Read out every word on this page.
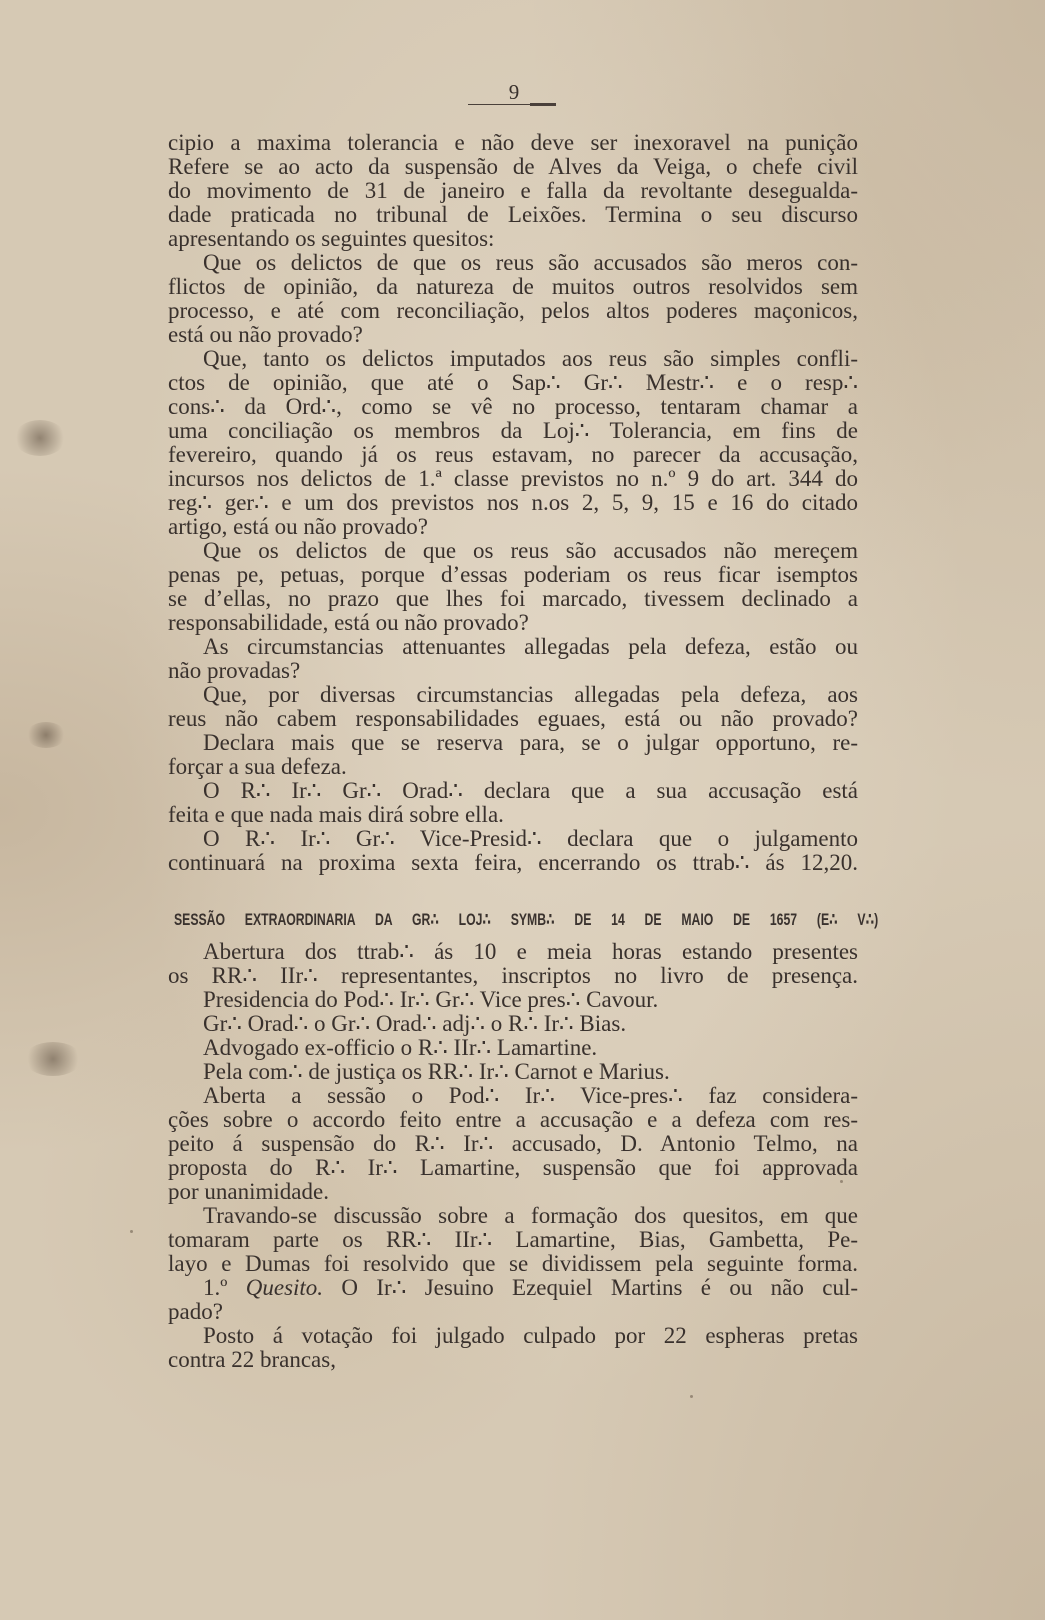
9
cipio a maxima tolerancia e não deve ser inexoravel na punição
Refere se ao acto da suspensão de Alves da Veiga, o chefe civil
do movimento de 31 de janeiro e falla da revoltante desegualda-
dade praticada no tribunal de Leixões. Termina o seu discurso
apresentando os seguintes quesitos:
Que os delictos de que os reus são accusados são meros con-
flictos de opinião, da natureza de muitos outros resolvidos sem
processo, e até com reconciliação, pelos altos poderes maçonicos,
está ou não provado?
Que, tanto os delictos imputados aos reus são simples confli-
ctos de opinião, que até o Sap∴ Gr∴ Mestr∴ e o resp∴
cons∴ da Ord∴, como se vê no processo, tentaram chamar a
uma conciliação os membros da Loj∴ Tolerancia, em fins de
fevereiro, quando já os reus estavam, no parecer da accusação,
incursos nos delictos de 1.ª classe previstos no n.º 9 do art. 344 do
reg∴ ger∴ e um dos previstos nos n.os 2, 5, 9, 15 e 16 do citado
artigo, está ou não provado?
Que os delictos de que os reus são accusados não mereçem
penas pe, petuas, porque d’essas poderiam os reus ficar isemptos
se d’ellas, no prazo que lhes foi marcado, tivessem declinado a
responsabilidade, está ou não provado?
As circumstancias attenuantes allegadas pela defeza, estão ou
não provadas?
Que, por diversas circumstancias allegadas pela defeza, aos
reus não cabem responsabilidades eguaes, está ou não provado?
Declara mais que se reserva para, se o julgar opportuno, re-
forçar a sua defeza.
O R∴ Ir∴ Gr∴ Orad∴ declara que a sua accusação está
feita e que nada mais dirá sobre ella.
O R∴ Ir∴ Gr∴ Vice-Presid∴ declara que o julgamento
continuará na proxima sexta feira, encerrando os ttrab∴ ás 12,20.
SESSÃO EXTRAORDINARIA DA GR∴ LOJ∴ SYMB∴ DE 14 DE MAIO DE 1657 (E∴ V∴)
Abertura dos ttrab∴ ás 10 e meia horas estando presentes
os RR∴ IIr∴ representantes, inscriptos no livro de presença.
Presidencia do Pod∴ Ir∴ Gr∴ Vice pres∴ Cavour.
Gr∴ Orad∴ o Gr∴ Orad∴ adj∴ o R∴ Ir∴ Bias.
Advogado ex-officio o R∴ IIr∴ Lamartine.
Pela com∴ de justiça os RR∴ Ir∴ Carnot e Marius.
Aberta a sessão o Pod∴ Ir∴ Vice-pres∴ faz considera-
ções sobre o accordo feito entre a accusação e a defeza com res-
peito á suspensão do R∴ Ir∴ accusado, D. Antonio Telmo, na
proposta do R∴ Ir∴ Lamartine, suspensão que foi approvada
por unanimidade.
Travando-se discussão sobre a formação dos quesitos, em que
tomaram parte os RR∴ IIr∴ Lamartine, Bias, Gambetta, Pe-
layo e Dumas foi resolvido que se dividissem pela seguinte forma.
1.º Quesito. O Ir∴ Jesuino Ezequiel Martins é ou não cul-
pado?
Posto á votação foi julgado culpado por 22 espheras pretas
contra 22 brancas,
